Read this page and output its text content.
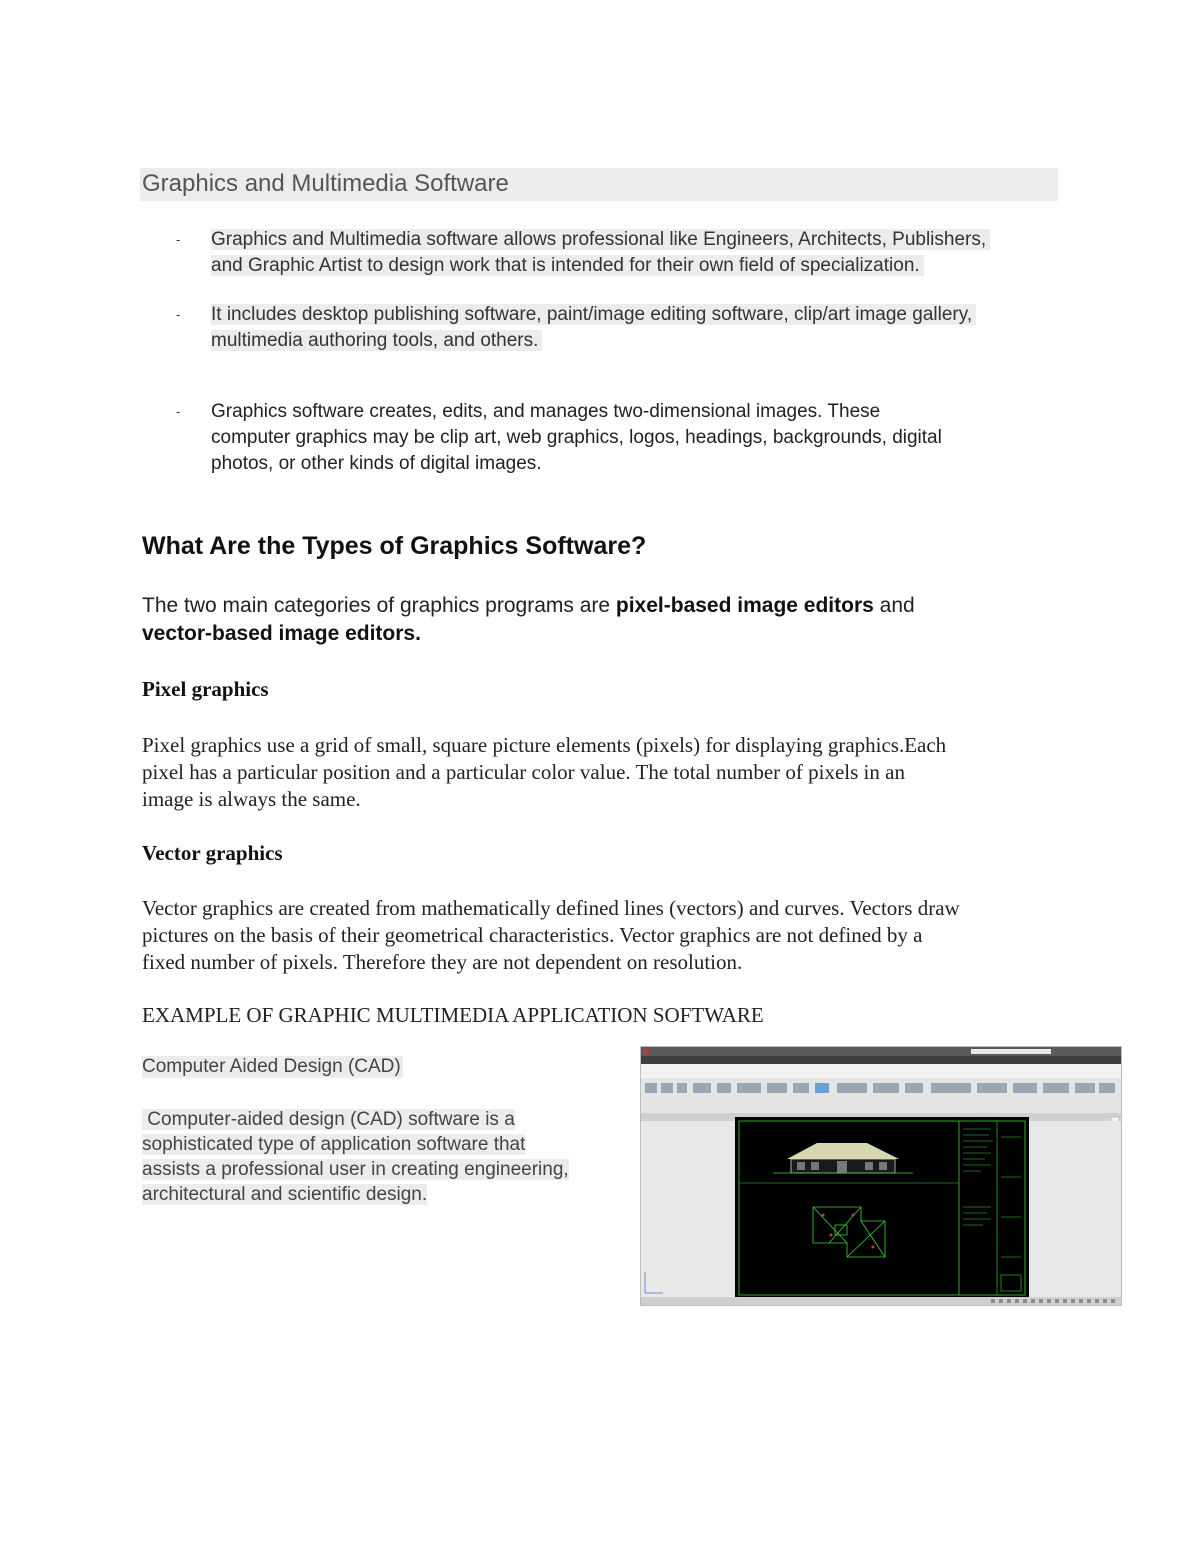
Graphics and Multimedia Software
- Graphics and Multimedia software allows professional like Engineers, Architects, Publishers,
and Graphic Artist to design work that is intended for their own field of specialization.
- It includes desktop publishing software, paint/image editing software, clip/art image gallery,
multimedia authoring tools, and others.
- Graphics software creates, edits, and manages two-dimensional images. These
computer graphics may be clip art, web graphics, logos, headings, backgrounds, digital
photos, or other kinds of digital images.
What Are the Types of Graphics Software?
The two main categories of graphics programs are pixel-based image editors and
vector-based image editors.
Pixel graphics
Pixel graphics use a grid of small, square picture elements (pixels) for displaying graphics.Each
pixel has a particular position and a particular color value. The total number of pixels in an
image is always the same.
Vector graphics
Vector graphics are created from mathematically defined lines (vectors) and curves. Vectors draw
pictures on the basis of their geometrical characteristics. Vector graphics are not defined by a
fixed number of pixels. Therefore they are not dependent on resolution.
EXAMPLE OF GRAPHIC MULTIMEDIA APPLICATION SOFTWARE
Computer Aided Design (CAD)
Computer-aided design (CAD) software is a
sophisticated type of application software that
assists a professional user in creating engineering,
architectural and scientific design.
